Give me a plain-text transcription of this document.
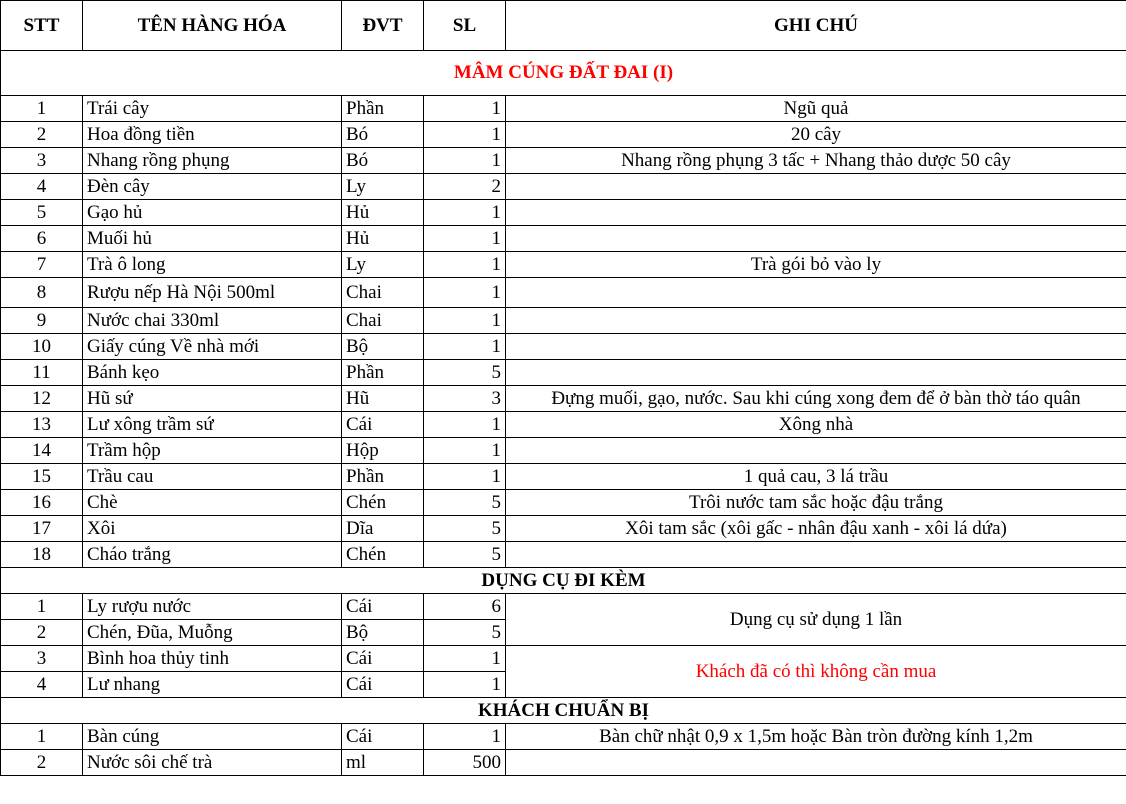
STT	TÊN HÀNG HÓA	ĐVT	SL	GHI CHÚ
MÂM CÚNG ĐẤT ĐAI (I)				
1	Trái cây	Phần	1	Ngũ quả
2	Hoa đồng tiền	Bó	1	20 cây
3	Nhang rồng phụng	Bó	1	Nhang rồng phụng 3 tấc + Nhang thảo dược 50 cây
4	Đèn cây	Ly	2	
5	Gạo hủ	Hủ	1	
6	Muối hủ	Hủ	1	
7	Trà ô long	Ly	1	Trà gói bỏ vào ly
8	Rượu nếp Hà Nội 500ml	Chai	1	
9	Nước chai 330ml	Chai	1	
10	Giấy cúng Về nhà mới	Bộ	1	
11	Bánh kẹo	Phần	5	
12	Hũ sứ	Hũ	3	Đựng muối, gạo, nước. Sau khi cúng xong đem để ở bàn thờ táo quân
13	Lư xông trầm sứ	Cái	1	Xông nhà
14	Trầm hộp	Hộp	1	
15	Trầu cau	Phần	1	1 quả cau, 3 lá trầu
16	Chè	Chén	5	Trôi nước tam sắc hoặc đậu trắng
17	Xôi	Dĩa	5	Xôi tam sắc (xôi gấc - nhân đậu xanh - xôi lá dứa)
18	Cháo trắng	Chén	5	
DỤNG CỤ ĐI KÈM				
1	Ly rượu nước	Cái	6	Dụng cụ sử dụng 1 lần
2	Chén, Đũa, Muỗng	Bộ	5	
3	Bình hoa thủy tinh	Cái	1	Khách đã có thì không cần mua
4	Lư nhang	Cái	1	
KHÁCH CHUẨN BỊ				
1	Bàn cúng	Cái	1	Bàn chữ nhật 0,9 x 1,5m hoặc Bàn tròn đường kính 1,2m
2	Nước sôi chế trà	ml	500	
